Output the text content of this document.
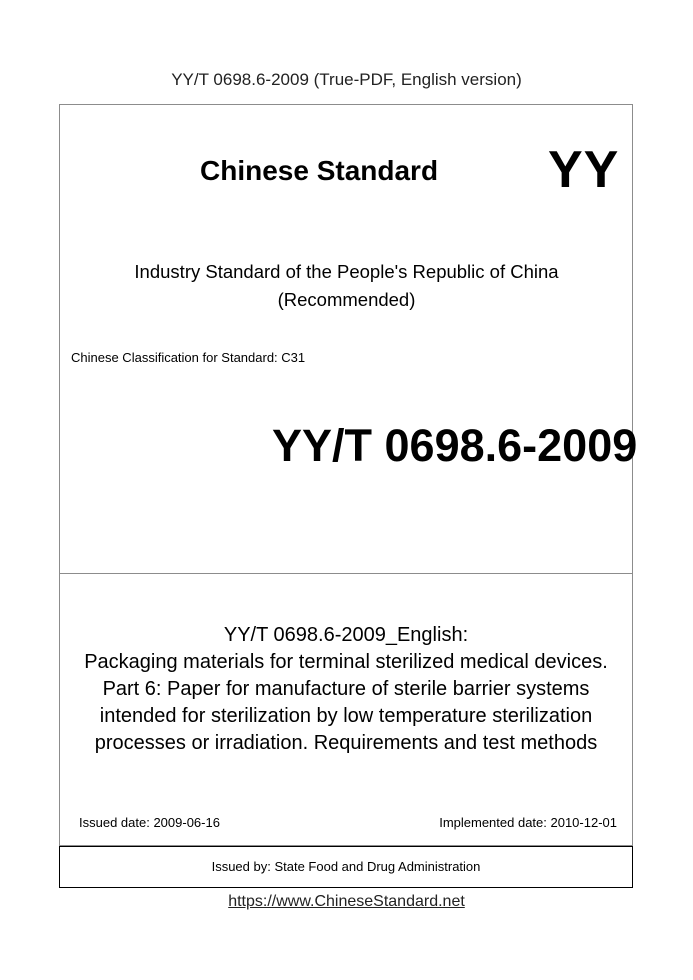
YY/T 0698.6-2009 (True-PDF, English version)
Chinese Standard YY
Industry Standard of the People's Republic of China
(Recommended)
Chinese Classification for Standard: C31
YY/T 0698.6-2009
YY/T 0698.6-2009_English:
Packaging materials for terminal sterilized medical devices.
Part 6: Paper for manufacture of sterile barrier systems
intended for sterilization by low temperature sterilization
processes or irradiation. Requirements and test methods
Issued date: 2009-06-16	Implemented date: 2010-12-01
Issued by: State Food and Drug Administration
https://www.ChineseStandard.net
